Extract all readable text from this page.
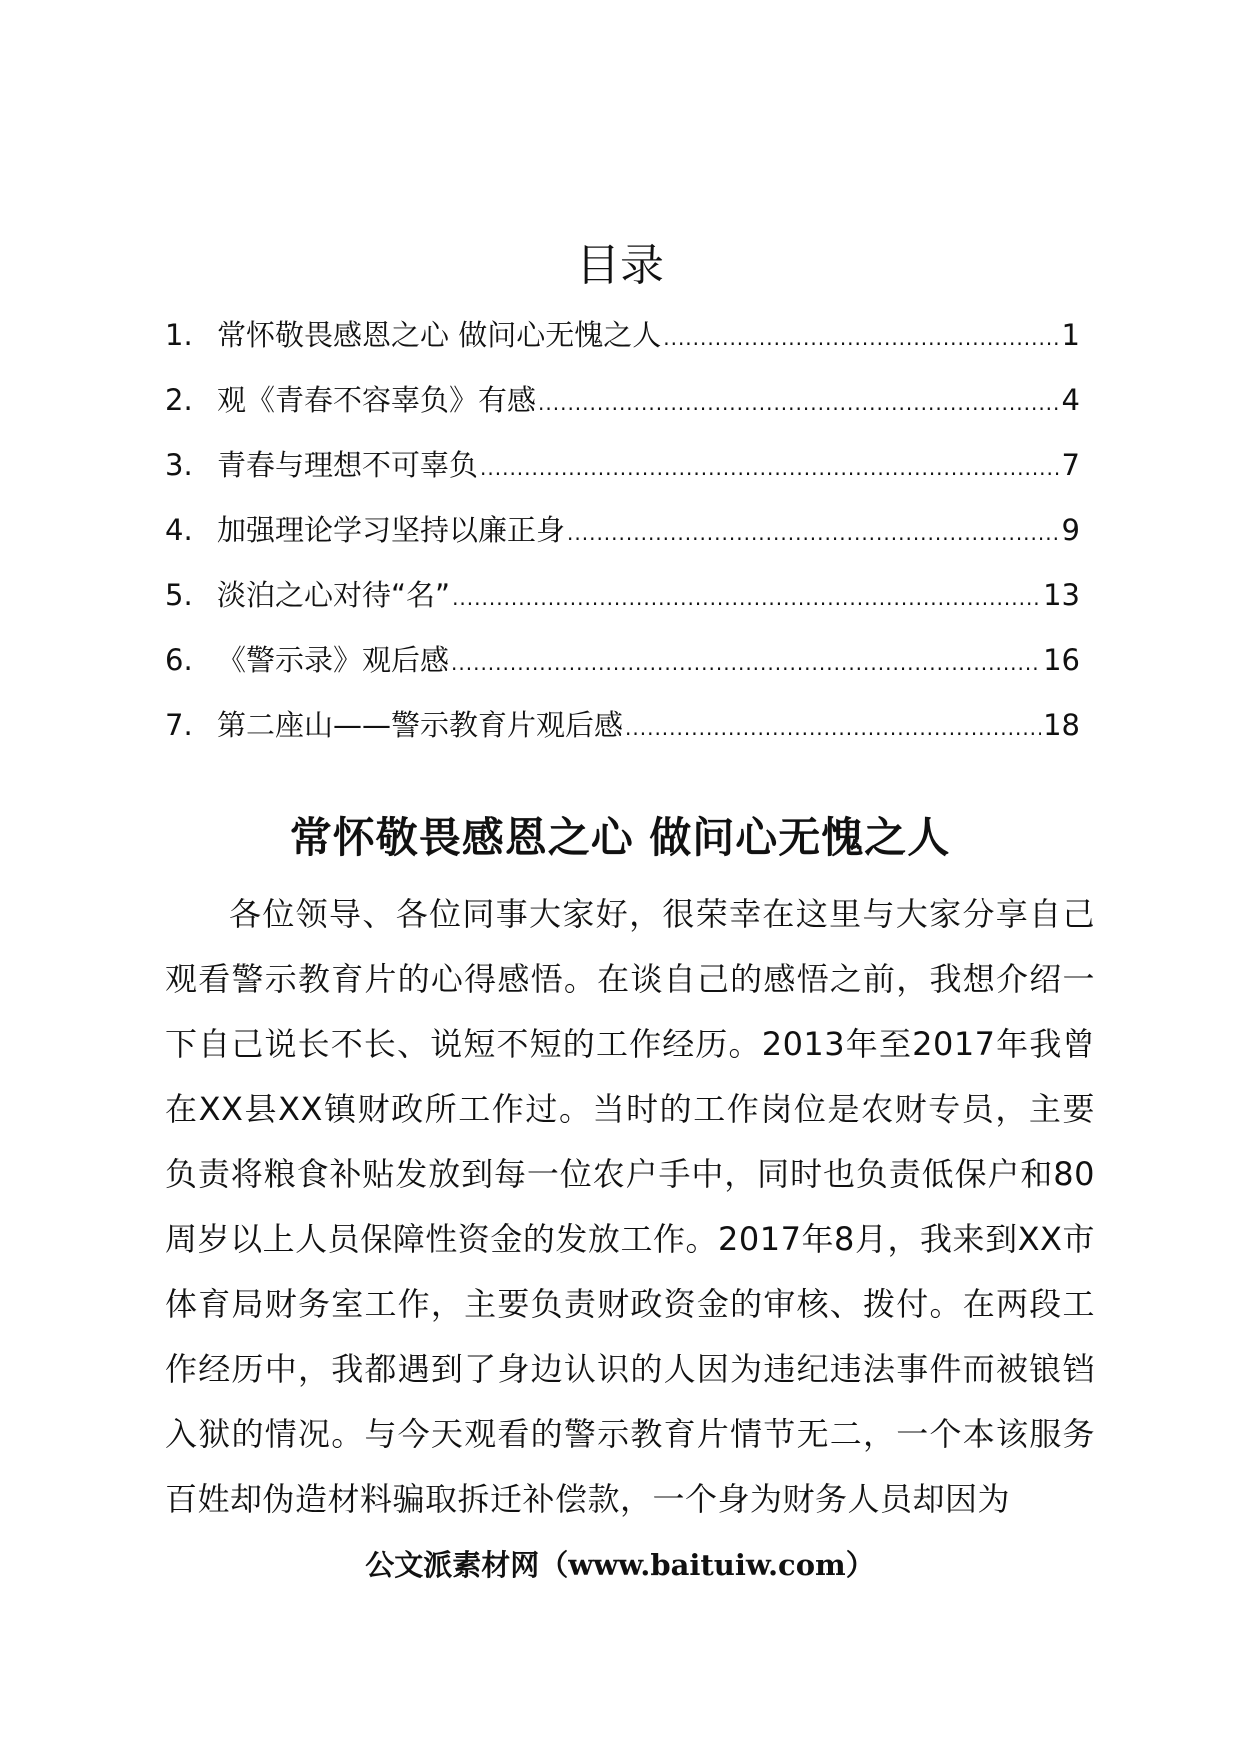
目录
1. 常怀敬畏感恩之心 做问心无愧之人 .....	1
2. 观《青春不容辜负》有感 .....	4
3. 青春与理想不可辜负 .....	7
4. 加强理论学习坚持以廉正身 .....	9
5. 淡泊之心对待“名” .....	13
6. 《警示录》观后感 .....	16
7. 第二座山——警示教育片观后感 .....	18
常怀敬畏感恩之心 做问心无愧之人

各位领导、各位同事大家好，很荣幸在这里与大家分享自己观看警示教育片的心得感悟。在谈自己的感悟之前，我想介绍一下自己说长不长、说短不短的工作经历。2013年至2017年我曾在XX县XX镇财政所工作过。当时的工作岗位是农财专员，主要负责将粮食补贴发放到每一位农户手中，同时也负责低保户和80周岁以上人员保障性资金的发放工作。2017年8月，我来到XX市体育局财务室工作，主要负责财政资金的审核、拨付。在两段工作经历中，我都遇到了身边认识的人因为违纪违法事件而被锒铛入狱的情况。与今天观看的警示教育片情节无二，一个本该服务百姓却伪造材料骗取拆迁补偿款，一个身为财务人员却因为

公文派素材网（www.baituiw.com）
